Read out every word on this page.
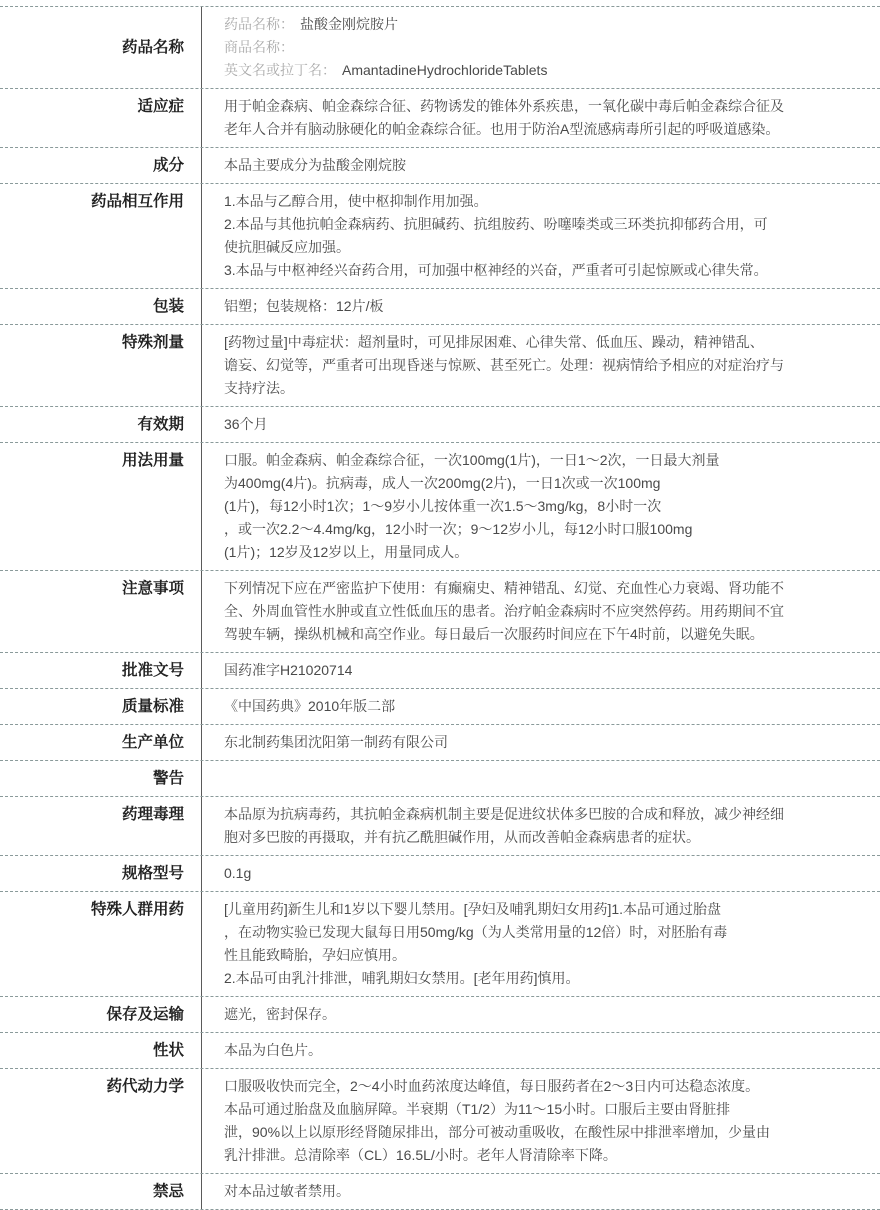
药品名称
药品名称： 盐酸金刚烷胺片
商品名称：
英文名或拉丁名： AmantadineHydrochlorideTablets
适应症	用于帕金森病、帕金森综合征、药物诱发的锥体外系疾患，一氧化碳中毒后帕金森综合征及
老年人合并有脑动脉硬化的帕金森综合征。也用于防治A型流感病毒所引起的呼吸道感染。
成分	本品主要成分为盐酸金刚烷胺
药品相互作用	1.本品与乙醇合用，使中枢抑制作用加强。
2.本品与其他抗帕金森病药、抗胆碱药、抗组胺药、吩噻嗪类或三环类抗抑郁药合用，可
使抗胆碱反应加强。
3.本品与中枢神经兴奋药合用，可加强中枢神经的兴奋，严重者可引起惊厥或心律失常。
包装	铝塑；包装规格：12片/板
特殊剂量	[药物过量]中毒症状：超剂量时，可见排尿困难、心律失常、低血压、躁动，精神错乱、
谵妄、幻觉等，严重者可出现昏迷与惊厥、甚至死亡。处理：视病情给予相应的对症治疗与
支持疗法。
有效期	36个月
用法用量	口服。帕金森病、帕金森综合征，一次100mg(1片)，一日1～2次，一日最大剂量
为400mg(4片)。抗病毒，成人一次200mg(2片)，一日1次或一次100mg
(1片)，每12小时1次；1～9岁小儿按体重一次1.5～3mg/kg，8小时一次
，或一次2.2～4.4mg/kg，12小时一次；9～12岁小儿，每12小时口服100mg
(1片)；12岁及12岁以上，用量同成人。
注意事项	下列情况下应在严密监护下使用：有癫痫史、精神错乱、幻觉、充血性心力衰竭、肾功能不
全、外周血管性水肿或直立性低血压的患者。治疗帕金森病时不应突然停药。用药期间不宜
驾驶车辆，操纵机械和高空作业。每日最后一次服药时间应在下午4时前，以避免失眠。
批准文号	国药准字H21020714
质量标准	《中国药典》2010年版二部
生产单位	东北制药集团沈阳第一制药有限公司
警告
药理毒理	本品原为抗病毒药，其抗帕金森病机制主要是促进纹状体多巴胺的合成和释放，减少神经细
胞对多巴胺的再摄取，并有抗乙酰胆碱作用，从而改善帕金森病患者的症状。
规格型号	0.1g
特殊人群用药	[儿童用药]新生儿和1岁以下婴儿禁用。[孕妇及哺乳期妇女用药]1.本品可通过胎盘
，在动物实验已发现大鼠每日用50mg/kg（为人类常用量的12倍）时，对胚胎有毒
性且能致畸胎，孕妇应慎用。
2.本品可由乳汁排泄，哺乳期妇女禁用。[老年用药]慎用。
保存及运输	遮光，密封保存。
性状	本品为白色片。
药代动力学	口服吸收快而完全，2～4小时血药浓度达峰值，每日服药者在2～3日内可达稳态浓度。
本品可通过胎盘及血脑屏障。半衰期（T1/2）为11～15小时。口服后主要由肾脏排
泄，90%以上以原形经肾随尿排出，部分可被动重吸收，在酸性尿中排泄率增加，少量由
乳汁排泄。总清除率（CL）16.5L/小时。老年人肾清除率下降。
禁忌	对本品过敏者禁用。
